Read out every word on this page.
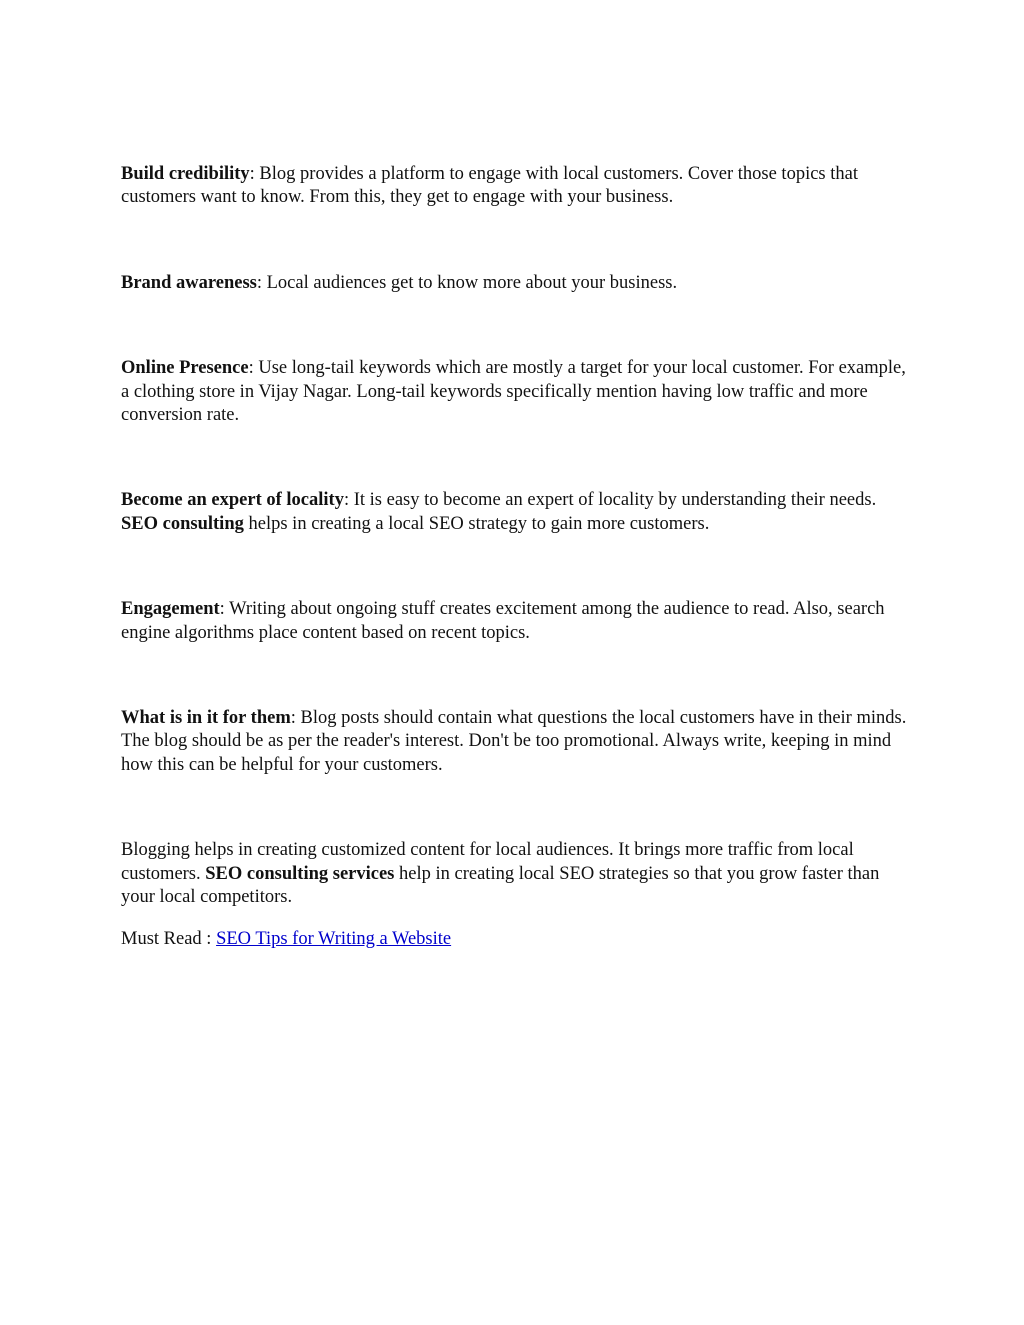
Build credibility: Blog provides a platform to engage with local customers. Cover those topics that customers want to know. From this, they get to engage with your business.

Brand awareness: Local audiences get to know more about your business.

Online Presence: Use long-tail keywords which are mostly a target for your local customer. For example, a clothing store in Vijay Nagar. Long-tail keywords specifically mention having low traffic and more conversion rate.

Become an expert of locality: It is easy to become an expert of locality by understanding their needs. SEO consulting helps in creating a local SEO strategy to gain more customers.

Engagement: Writing about ongoing stuff creates excitement among the audience to read. Also, search engine algorithms place content based on recent topics.

What is in it for them: Blog posts should contain what questions the local customers have in their minds. The blog should be as per the reader's interest. Don't be too promotional. Always write, keeping in mind how this can be helpful for your customers.

Blogging helps in creating customized content for local audiences. It brings more traffic from local customers. SEO consulting services help in creating local SEO strategies so that you grow faster than your local competitors.

Must Read : SEO Tips for Writing a Website
